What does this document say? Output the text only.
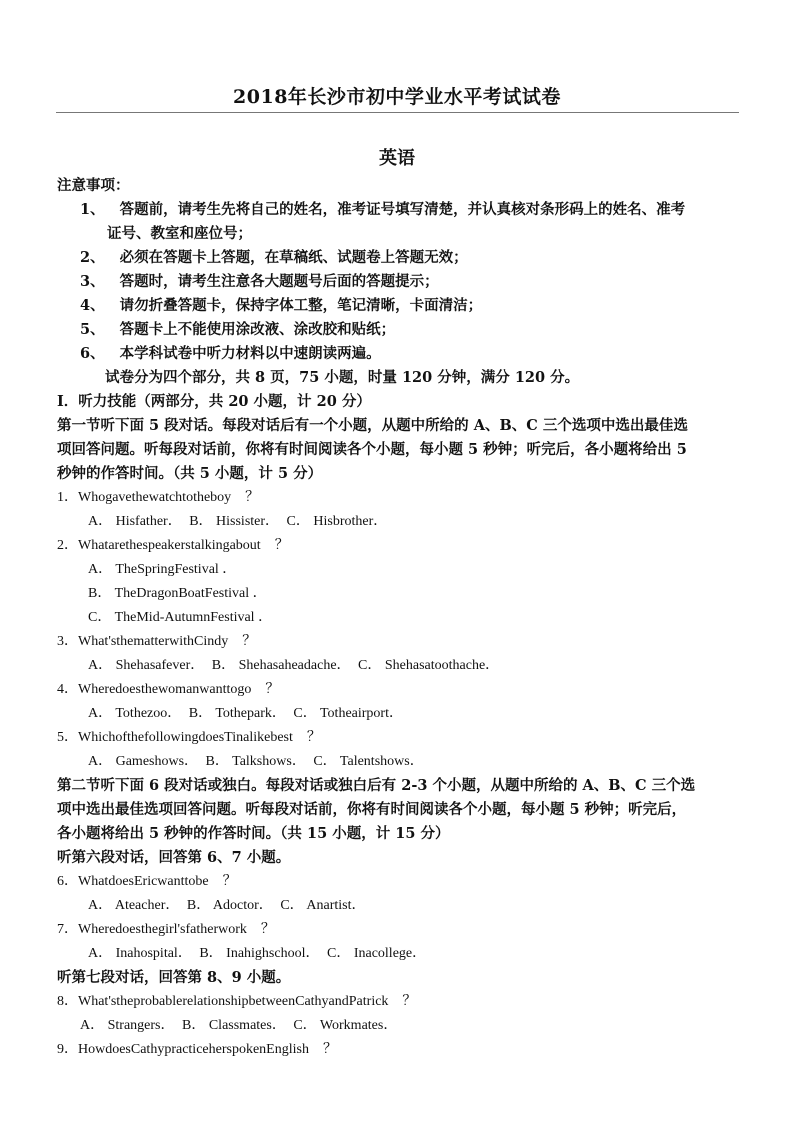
2018年长沙市初中学业水平考试试卷
英语
注意事项：
1、 答题前，请考生先将自己的姓名，准考证号填写清楚，并认真核对条形码上的姓名、准考
证号、教室和座位号；
2、 必须在答题卡上答题，在草稿纸、试题卷上答题无效；
3、 答题时，请考生注意各大题题号后面的答题提示；
4、 请勿折叠答题卡，保持字体工整，笔记清晰，卡面清洁；
5、 答题卡上不能使用涂改液、涂改胶和贴纸；
6、 本学科试卷中听力材料以中速朗读两遍。
试卷分为四个部分，共 8 页，75 小题，时量 120 分钟，满分 120 分。
Ⅰ．听力技能（两部分，共 20 小题，计 20 分）
第一节听下面 5 段对话。每段对话后有一个小题，从题中所给的 A、B、C 三个选项中选出最佳选
项回答问题。听每段对话前，你将有时间阅读各个小题，每小题 5 秒钟；听完后，各小题将给出 5
秒钟的作答时间。（共 5 小题，计 5 分）
1．Whogavethewatchtotheboy ？
A． Hisfather． B． Hissister． C． Hisbrother．
2．Whatarethespeakerstalkingabout ？
A． TheSpringFestival ．
B． TheDragonBoatFestival ．
C． TheMid-AutumnFestival ．
3．What'sthematterwithCindy ？
A． Shehasafever． B． Shehasaheadache． C． Shehasatoothache．
4．Wheredoesthewomanwanttogo ？
A． Tothezoo． B． Tothepark． C． Totheairport．
5．WhichofthefollowingdoesTinalikebest ？
A． Gameshows． B． Talkshows． C． Talentshows．
第二节听下面 6 段对话或独白。每段对话或独白后有 2-3 个小题，从题中所给的 A、B、C 三个选
项中选出最佳选项回答问题。听每段对话前，你将有时间阅读各个小题，每小题 5 秒钟；听完后，
各小题将给出 5 秒钟的作答时间。（共 15 小题，计 15 分）
听第六段对话，回答第 6、7 小题。
6．WhatdoesEricwanttobe ？
A． Ateacher． B． Adoctor． C． Anartist．
7．Wheredoesthegirl'sfatherwork ？
A． Inahospital． B． Inahighschool． C． Inacollege．
听第七段对话，回答第 8、9 小题。
8．What'stheprobablerelationshipbetweenCathyandPatrick ？
A． Strangers． B． Classmates． C． Workmates．
9．HowdoesCathypracticeherspokenEnglish ？
